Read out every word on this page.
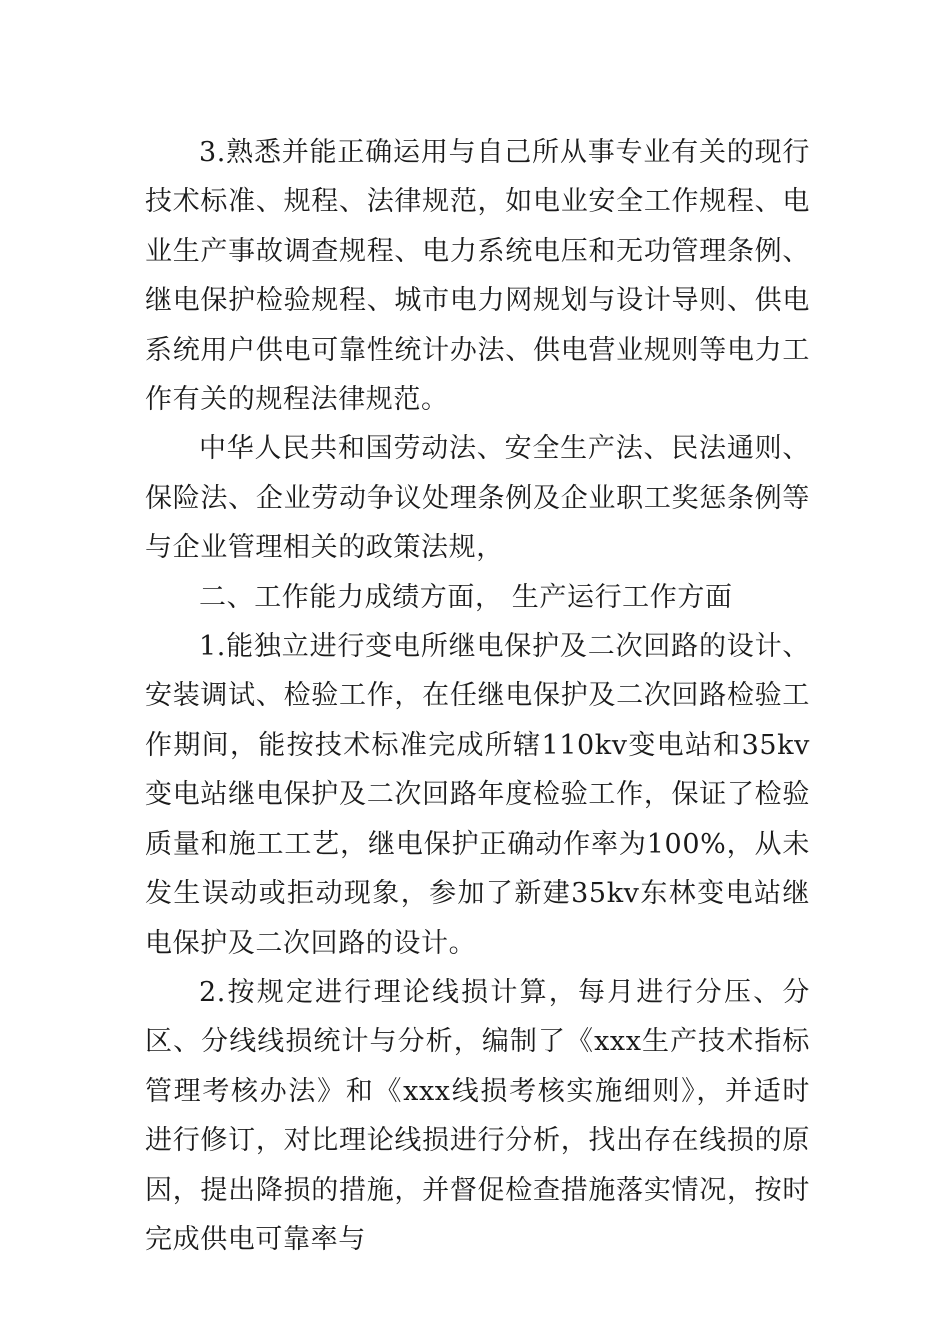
3.熟悉并能正确运用与自己所从事专业有关的现行技术标准、规程、法律规范，如电业安全工作规程、电业生产事故调查规程、电力系统电压和无功管理条例、继电保护检验规程、城市电力网规划与设计导则、供电系统用户供电可靠性统计办法、供电营业规则等电力工作有关的规程法律规范。

中华人民共和国劳动法、安全生产法、民法通则、保险法、企业劳动争议处理条例及企业职工奖惩条例等与企业管理相关的政策法规，

二、工作能力成绩方面， 生产运行工作方面

1.能独立进行变电所继电保护及二次回路的设计、安装调试、检验工作，在任继电保护及二次回路检验工作期间，能按技术标准完成所辖110kv变电站和35kv变电站继电保护及二次回路年度检验工作，保证了检验质量和施工工艺，继电保护正确动作率为100%，从未发生误动或拒动现象，参加了新建35kv东林变电站继电保护及二次回路的设计。

2.按规定进行理论线损计算，每月进行分压、分区、分线线损统计与分析，编制了《xxx生产技术指标管理考核办法》和《xxx线损考核实施细则》，并适时进行修订，对比理论线损进行分析，找出存在线损的原因，提出降损的措施，并督促检查措施落实情况，按时完成供电可靠率与
